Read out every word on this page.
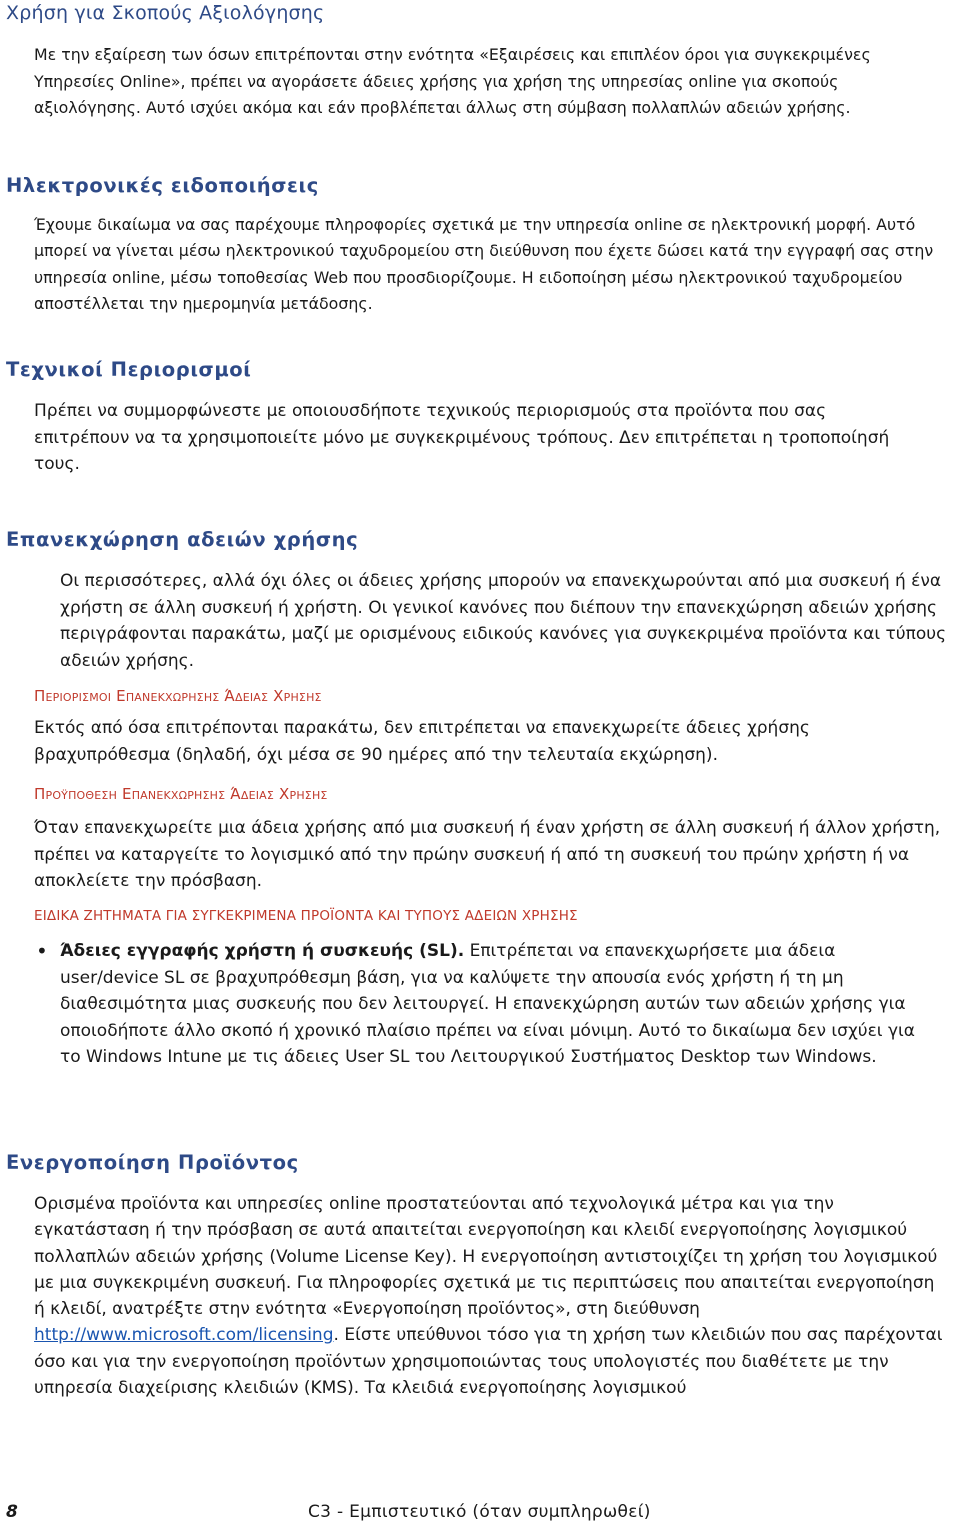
Χρήση για Σκοπούς Αξιολόγησης
Με την εξαίρεση των όσων επιτρέπονται στην ενότητα «Εξαιρέσεις και επιπλέον όροι για συγκεκριμένες Υπηρεσίες Online», πρέπει να αγοράσετε άδειες χρήσης για χρήση της υπηρεσίας online για σκοπούς αξιολόγησης. Αυτό ισχύει ακόμα και εάν προβλέπεται άλλως στη σύμβαση πολλαπλών αδειών χρήσης.
Ηλεκτρονικές ειδοποιήσεις
Έχουμε δικαίωμα να σας παρέχουμε πληροφορίες σχετικά με την υπηρεσία online σε ηλεκτρονική μορφή. Αυτό μπορεί να γίνεται μέσω ηλεκτρονικού ταχυδρομείου στη διεύθυνση που έχετε δώσει κατά την εγγραφή σας στην υπηρεσία online, μέσω τοποθεσίας Web που προσδιορίζουμε. Η ειδοποίηση μέσω ηλεκτρονικού ταχυδρομείου αποστέλλεται την ημερομηνία μετάδοσης.
Τεχνικοί Περιορισμοί
Πρέπει να συμμορφώνεστε με οποιουσδήποτε τεχνικούς περιορισμούς στα προϊόντα που σας επιτρέπουν να τα χρησιμοποιείτε μόνο με συγκεκριμένους τρόπους. Δεν επιτρέπεται η τροποποίησή τους.
Επανεκχώρηση αδειών χρήσης
Οι περισσότερες, αλλά όχι όλες οι άδειες χρήσης μπορούν να επανεκχωρούνται από μια συσκευή ή ένα χρήστη σε άλλη συσκευή ή χρήστη. Οι γενικοί κανόνες που διέπουν την επανεκχώρηση αδειών χρήσης περιγράφονται παρακάτω, μαζί με ορισμένους ειδικούς κανόνες για συγκεκριμένα προϊόντα και τύπους αδειών χρήσης.
Περιορισμοι Επανεκχωρησης Άδειας Χρησης
Εκτός από όσα επιτρέπονται παρακάτω, δεν επιτρέπεται να επανεκχωρείτε άδειες χρήσης βραχυπρόθεσμα (δηλαδή, όχι μέσα σε 90 ημέρες από την τελευταία εκχώρηση).
Προϋποθεση Επανεκχωρησης Άδειας Χρησης
Όταν επανεκχωρείτε μια άδεια χρήσης από μια συσκευή ή έναν χρήστη σε άλλη συσκευή ή άλλον χρήστη, πρέπει να καταργείτε το λογισμικό από την πρώην συσκευή ή από τη συσκευή του πρώην χρήστη ή να αποκλείετε την πρόσβαση.
ΕΙΔΙΚΑ ΖΗΤΗΜΑΤΑ ΓΙΑ ΣΥΓΚΕΚΡΙΜΕΝΑ ΠΡΟΪΟΝΤΑ ΚΑΙ ΤΥΠΟΥΣ ΑΔΕΙΩΝ ΧΡΗΣΗΣ
• Άδειες εγγραφής χρήστη ή συσκευής (SL). Επιτρέπεται να επανεκχωρήσετε μια άδεια user/device SL σε βραχυπρόθεσμη βάση, για να καλύψετε την απουσία ενός χρήστη ή τη μη διαθεσιμότητα μιας συσκευής που δεν λειτουργεί. Η επανεκχώρηση αυτών των αδειών χρήσης για οποιοδήποτε άλλο σκοπό ή χρονικό πλαίσιο πρέπει να είναι μόνιμη. Αυτό το δικαίωμα δεν ισχύει για το Windows Intune με τις άδειες User SL του Λειτουργικού Συστήματος Desktop των Windows.
Ενεργοποίηση Προϊόντος
Ορισμένα προϊόντα και υπηρεσίες online προστατεύονται από τεχνολογικά μέτρα και για την εγκατάσταση ή την πρόσβαση σε αυτά απαιτείται ενεργοποίηση και κλειδί ενεργοποίησης λογισμικού πολλαπλών αδειών χρήσης (Volume License Key). Η ενεργοποίηση αντιστοιχίζει τη χρήση του λογισμικού με μια συγκεκριμένη συσκευή. Για πληροφορίες σχετικά με τις περιπτώσεις που απαιτείται ενεργοποίηση ή κλειδί, ανατρέξτε στην ενότητα «Ενεργοποίηση προϊόντος», στη διεύθυνση http://www.microsoft.com/licensing. Είστε υπεύθυνοι τόσο για τη χρήση των κλειδιών που σας παρέχονται όσο και για την ενεργοποίηση προϊόντων χρησιμοποιώντας τους υπολογιστές που διαθέτετε με την υπηρεσία διαχείρισης κλειδιών (KMS). Τα κλειδιά ενεργοποίησης λογισμικού
8	C3 - Εμπιστευτικό (όταν συμπληρωθεί)
